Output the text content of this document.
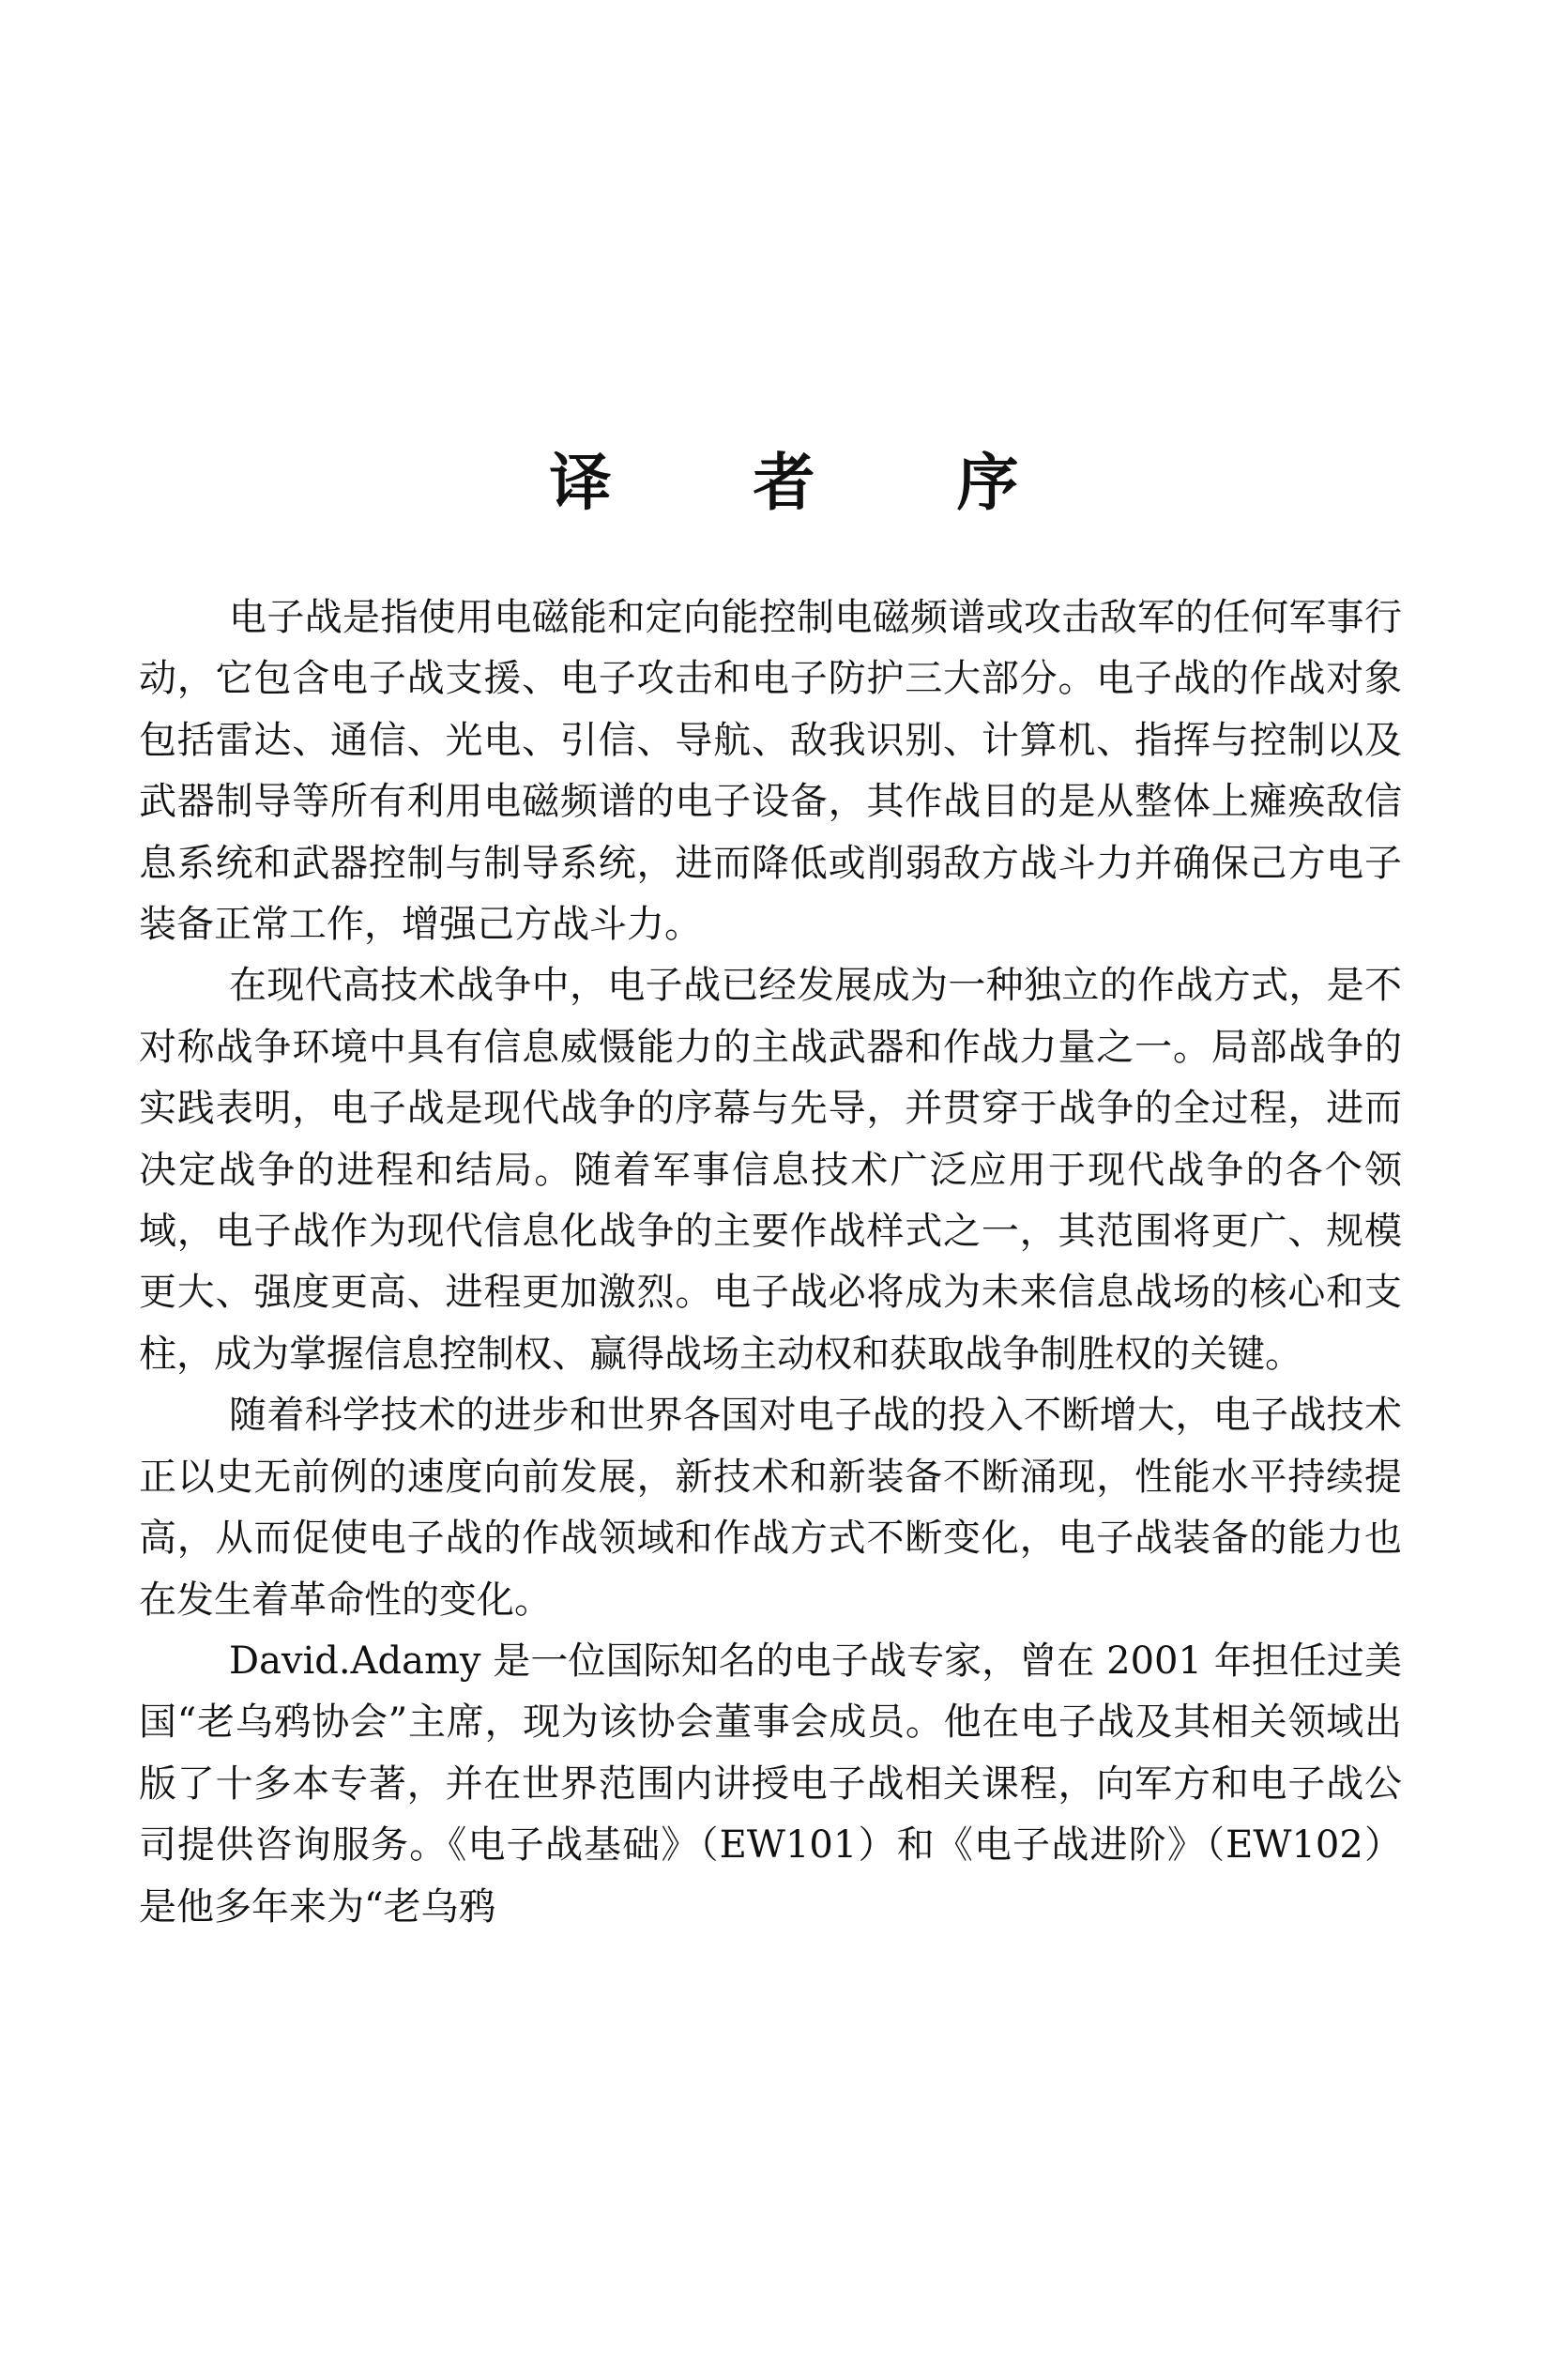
译 者 序

电子战是指使用电磁能和定向能控制电磁频谱或攻击敌军的任何军事行动，它包含电子战支援、电子攻击和电子防护三大部分。电子战的作战对象包括雷达、通信、光电、引信、导航、敌我识别、计算机、指挥与控制以及武器制导等所有利用电磁频谱的电子设备，其作战目的是从整体上瘫痪敌信息系统和武器控制与制导系统，进而降低或削弱敌方战斗力并确保己方电子装备正常工作，增强己方战斗力。

在现代高技术战争中，电子战已经发展成为一种独立的作战方式，是不对称战争环境中具有信息威慑能力的主战武器和作战力量之一。局部战争的实践表明，电子战是现代战争的序幕与先导，并贯穿于战争的全过程，进而决定战争的进程和结局。随着军事信息技术广泛应用于现代战争的各个领域，电子战作为现代信息化战争的主要作战样式之一，其范围将更广、规模更大、强度更高、进程更加激烈。电子战必将成为未来信息战场的核心和支柱，成为掌握信息控制权、赢得战场主动权和获取战争制胜权的关键。

随着科学技术的进步和世界各国对电子战的投入不断增大，电子战技术正以史无前例的速度向前发展，新技术和新装备不断涌现，性能水平持续提高，从而促使电子战的作战领域和作战方式不断变化，电子战装备的能力也在发生着革命性的变化。

David.Adamy 是一位国际知名的电子战专家，曾在 2001 年担任过美国“老乌鸦协会”主席，现为该协会董事会成员。他在电子战及其相关领域出版了十多本专著，并在世界范围内讲授电子战相关课程，向军方和电子战公司提供咨询服务。《电子战基础》（EW101）和《电子战进阶》（EW102）是他多年来为“老乌鸦
